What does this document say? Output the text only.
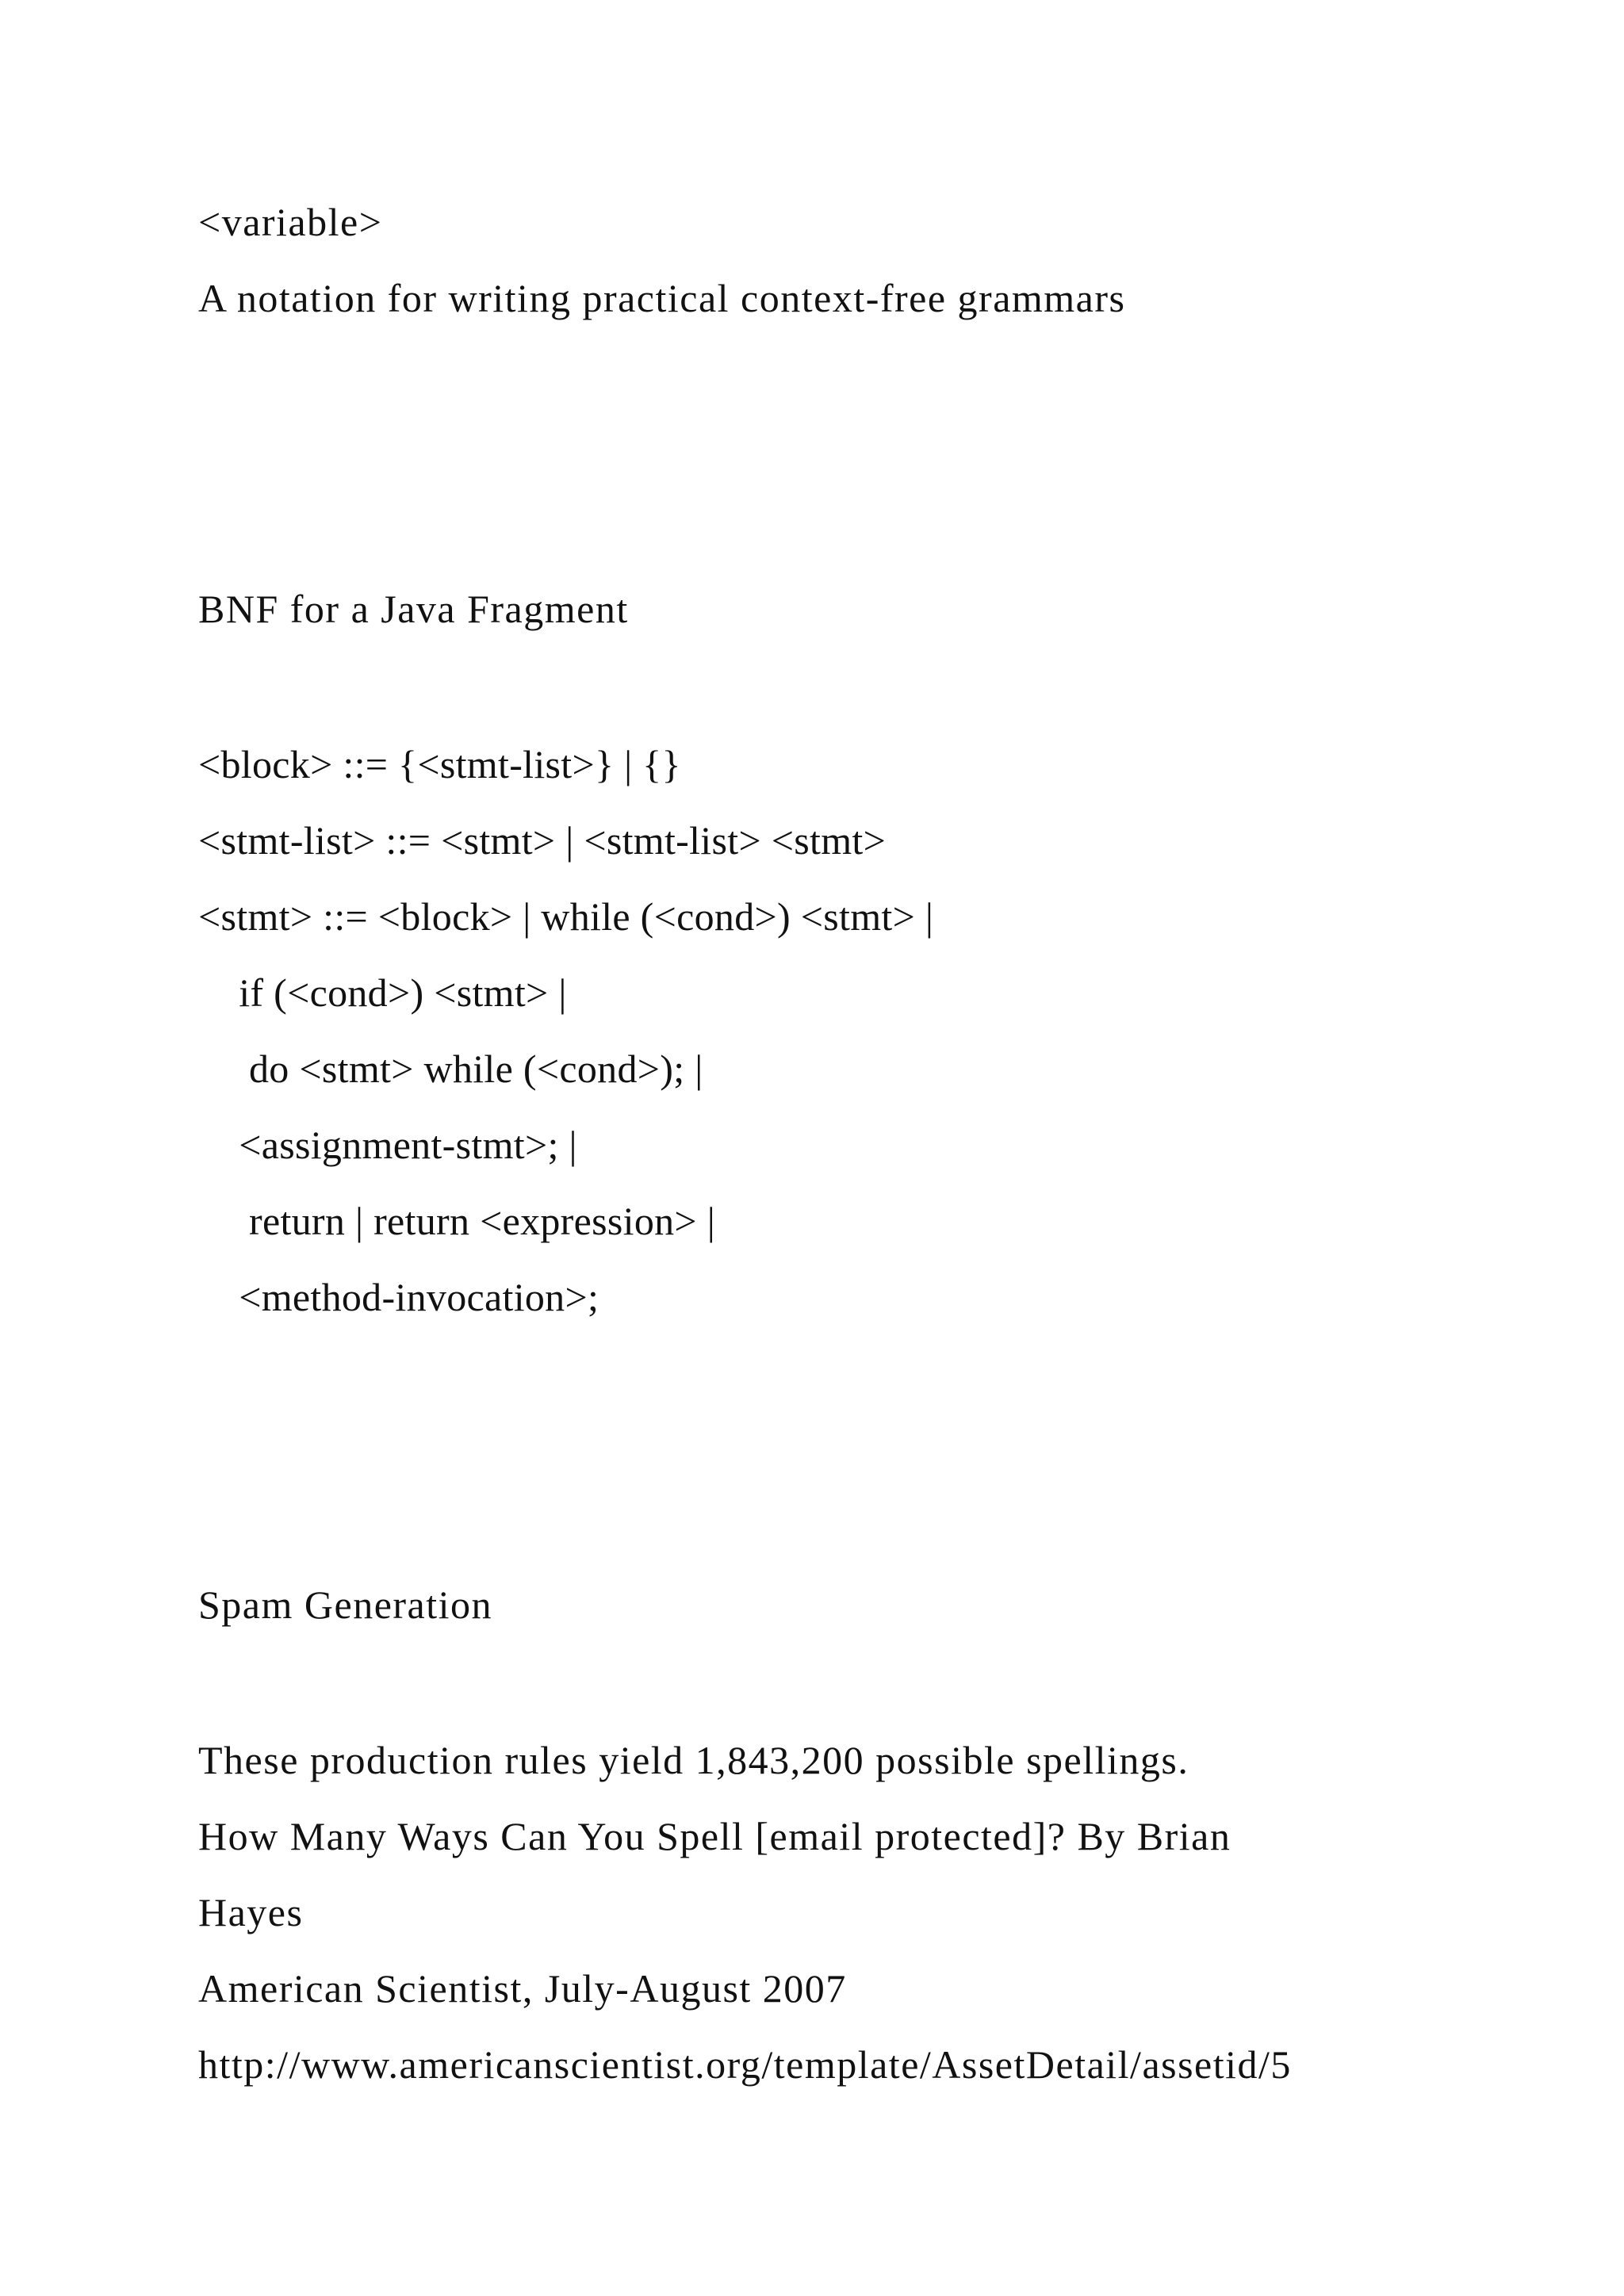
<variable>
A notation for writing practical context-free grammars
BNF for a Java Fragment
<block> ::= {<stmt-list>} | {}
<stmt-list> ::= <stmt> | <stmt-list> <stmt>
<stmt> ::= <block> | while (<cond>) <stmt> |
if (<cond>) <stmt> |
do <stmt> while (<cond>); |
<assignment-stmt>; |
return | return <expression> |
<method-invocation>;
Spam Generation
These production rules yield 1,843,200 possible spellings.
How Many Ways Can You Spell [email protected]? By Brian
Hayes
American Scientist, July-August 2007
http://www.americanscientist.org/template/AssetDetail/assetid/5
